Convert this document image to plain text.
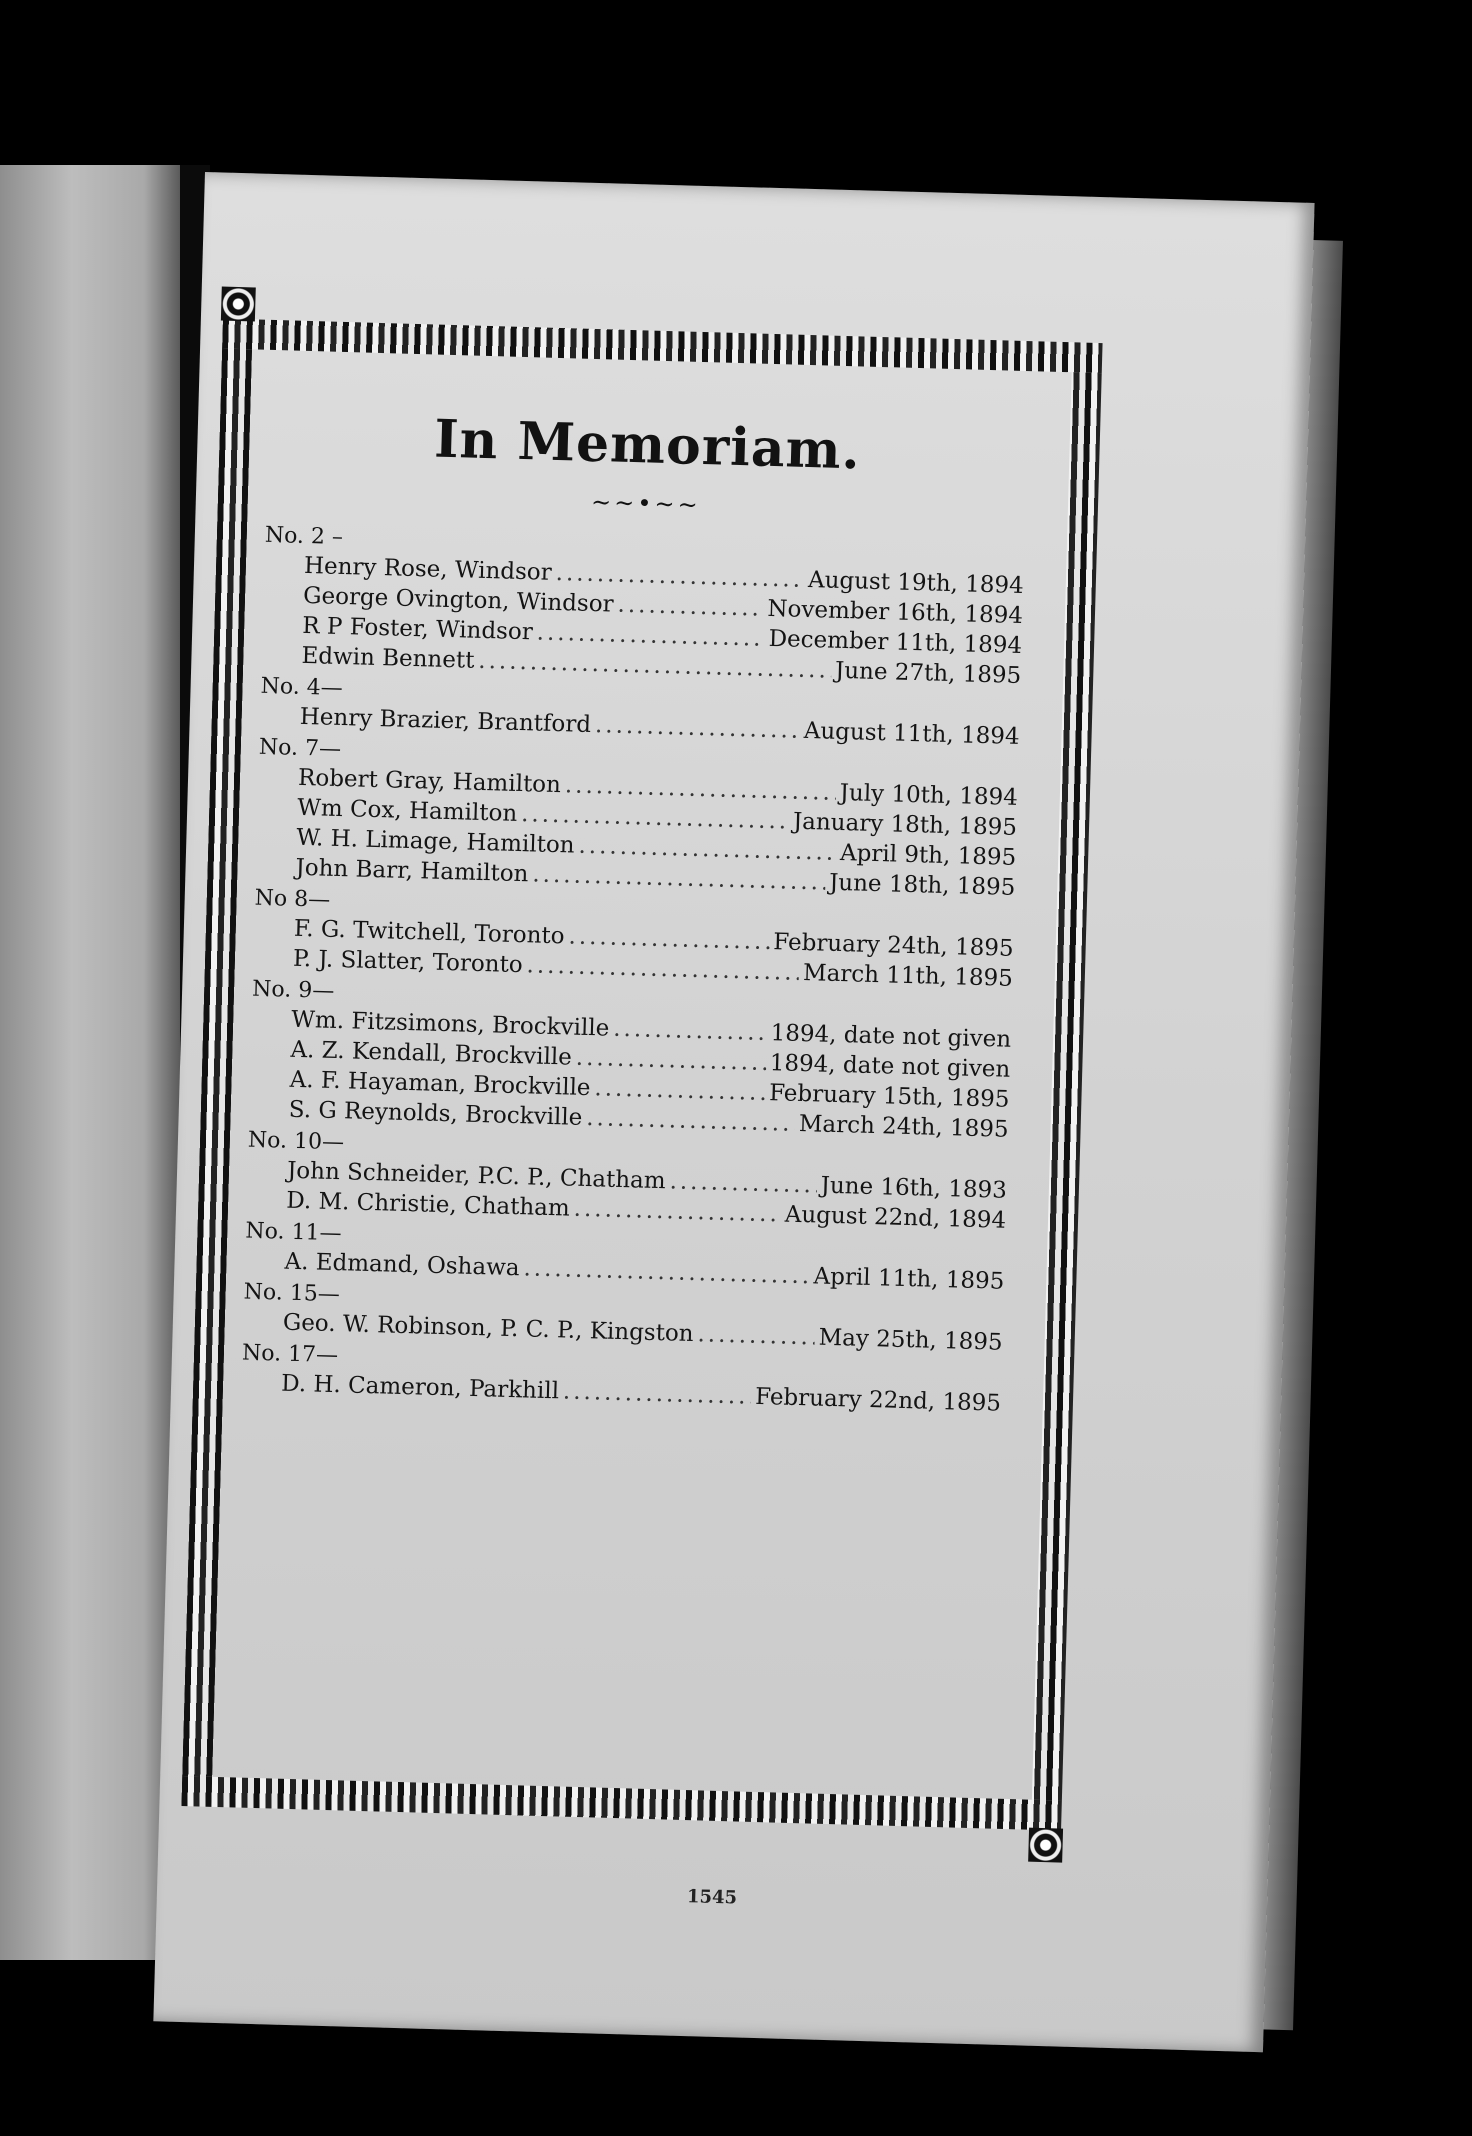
In Memoriam.
~~•~~
No. 2 –
Henry Rose, Windsor .....	August 19th, 1894
George Ovington, Windsor .....	November 16th, 1894
R P Foster, Windsor .....	December 11th, 1894
Edwin Bennett .....	June 27th, 1895
No. 4—
Henry Brazier, Brantford .....	August 11th, 1894
No. 7—
Robert Gray, Hamilton .....	July 10th, 1894
Wm Cox, Hamilton .....	January 18th, 1895
W. H. Limage, Hamilton .....	April 9th, 1895
John Barr, Hamilton .....	June 18th, 1895
No 8—
F. G. Twitchell, Toronto .....	February 24th, 1895
P. J. Slatter, Toronto .....	March 11th, 1895
No. 9—
Wm. Fitzsimons, Brockville .....	1894, date not given
A. Z. Kendall, Brockville .....	1894, date not given
A. F. Hayaman, Brockville .....	February 15th, 1895
S. G Reynolds, Brockville .....	March 24th, 1895
No. 10—
John Schneider, P.C. P., Chatham .....	June 16th, 1893
D. M. Christie, Chatham .....	August 22nd, 1894
No. 11—
A. Edmand, Oshawa .....	April 11th, 1895
No. 15—
Geo. W. Robinson, P. C. P., Kingston .....	May 25th, 1895
No. 17—
D. H. Cameron, Parkhill .....	February 22nd, 1895
1545
